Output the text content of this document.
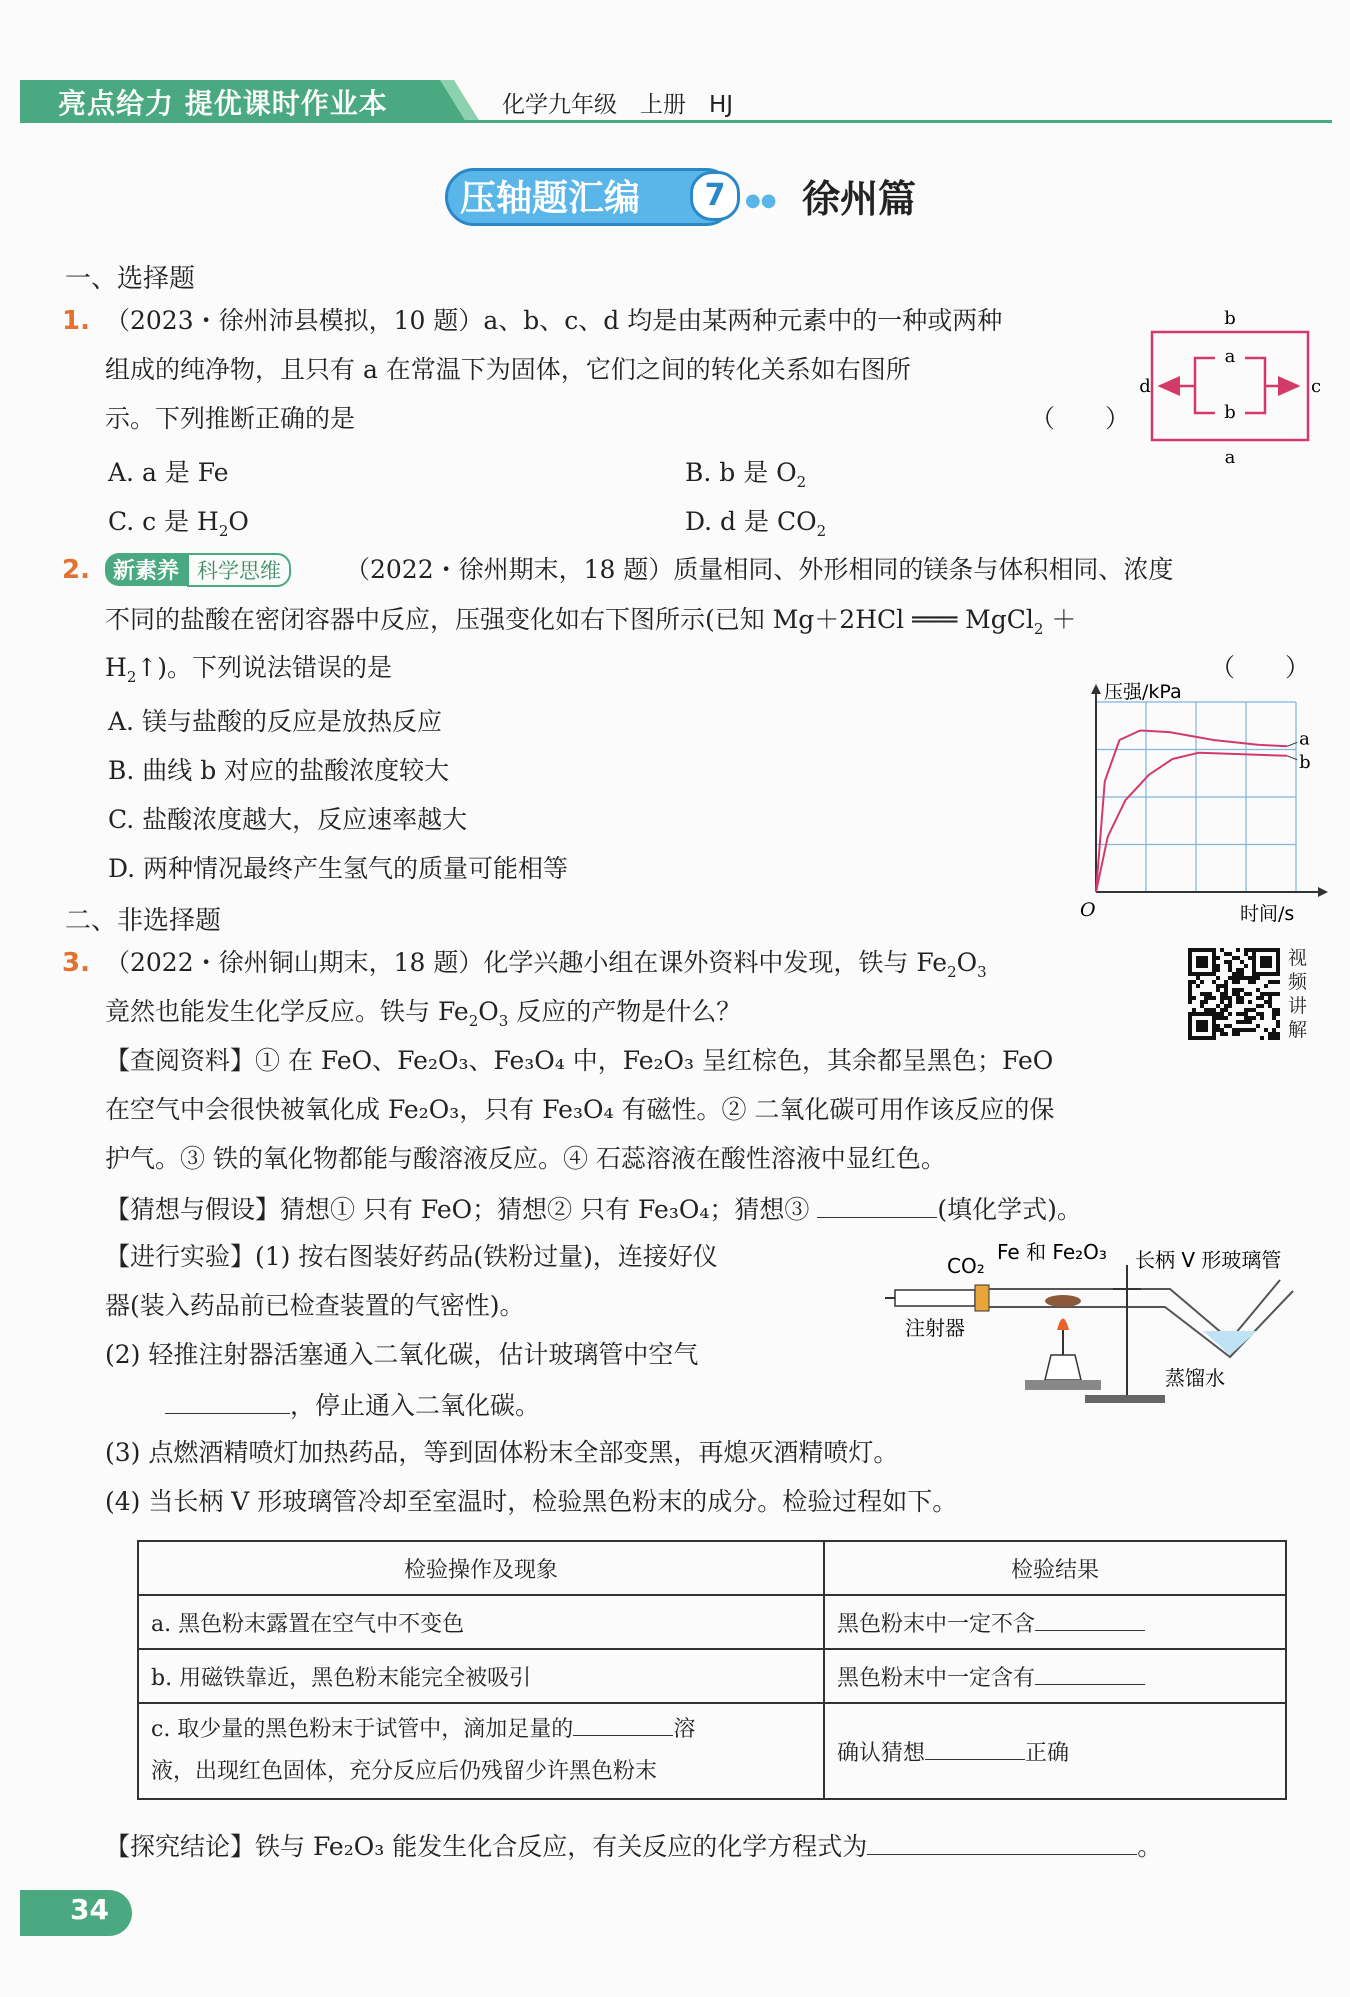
亮点给力 提优课时作业本	化学九年级　上册　HJ
压轴题汇编	7	●● 徐州篇
一、选择题
1. （2023・徐州沛县模拟，10 题）a、b、c、d 均是由某两种元素中的一种或两种
组成的纯净物，且只有 a 在常温下为固体，它们之间的转化关系如右图所
示。下列推断正确的是	（　　）
A. a 是 Fe	B. b 是 $O_2$
C. c 是 $H_2O$	D. d 是 $CO_2$
b
a
d	c
a
b
2.	新素养 科学思维	（2022・徐州期末，18 题）质量相同、外形相同的镁条与体积相同、浓度
不同的盐酸在密闭容器中反应，压强变化如右下图所示(已知 Mg＋2HCl ═══ MgCl$_2$ ＋
$H_2↑$)。下列说法错误的是	（　　）
A. 镁与盐酸的反应是放热反应
B. 曲线 b 对应的盐酸浓度较大
C. 盐酸浓度越大，反应速率越大
D. 两种情况最终产生氢气的质量可能相等
压强/kPa
时间/s
O
a
b
二、非选择题
3. （2022・徐州铜山期末，18 题）化学兴趣小组在课外资料中发现，铁与 $Fe_2O_3$
竟然也能发生化学反应。铁与 $Fe_2O_3$ 反应的产物是什么？
视频讲解
【查阅资料】① 在 FeO、Fe₂O₃、Fe₃O₄ 中，Fe₂O₃ 呈红棕色，其余都呈黑色；FeO
在空气中会很快被氧化成 Fe₂O₃，只有 Fe₃O₄ 有磁性。② 二氧化碳可用作该反应的保
护气。③ 铁的氧化物都能与酸溶液反应。④ 石蕊溶液在酸性溶液中显红色。
【猜想与假设】猜想① 只有 FeO；猜想② 只有 Fe₃O₄；猜想③	(填化学式)。
【进行实验】(1) 按右图装好药品(铁粉过量)，连接好仪
器(装入药品前已检查装置的气密性)。
(2) 轻推注射器活塞通入二氧化碳，估计玻璃管中空气
，停止通入二氧化碳。
(3) 点燃酒精喷灯加热药品，等到固体粉末全部变黑，再熄灭酒精喷灯。
(4) 当长柄 V 形玻璃管冷却至室温时，检验黑色粉末的成分。检验过程如下。
CO₂
Fe 和 Fe₂O₃ 长柄 V 形玻璃管
注射器
蒸馏水
检验操作及现象	检验结果
a. 黑色粉末露置在空气中不变色	黑色粉末中一定不含
b. 用磁铁靠近，黑色粉末能完全被吸引	黑色粉末中一定含有
c. 取少量的黑色粉末于试管中，滴加足量的 溶
液，出现红色固体，充分反应后仍残留少许黑色粉末	确认猜想 正确
【探究结论】铁与 Fe₂O₃ 能发生化合反应，有关反应的化学方程式为	。
34
